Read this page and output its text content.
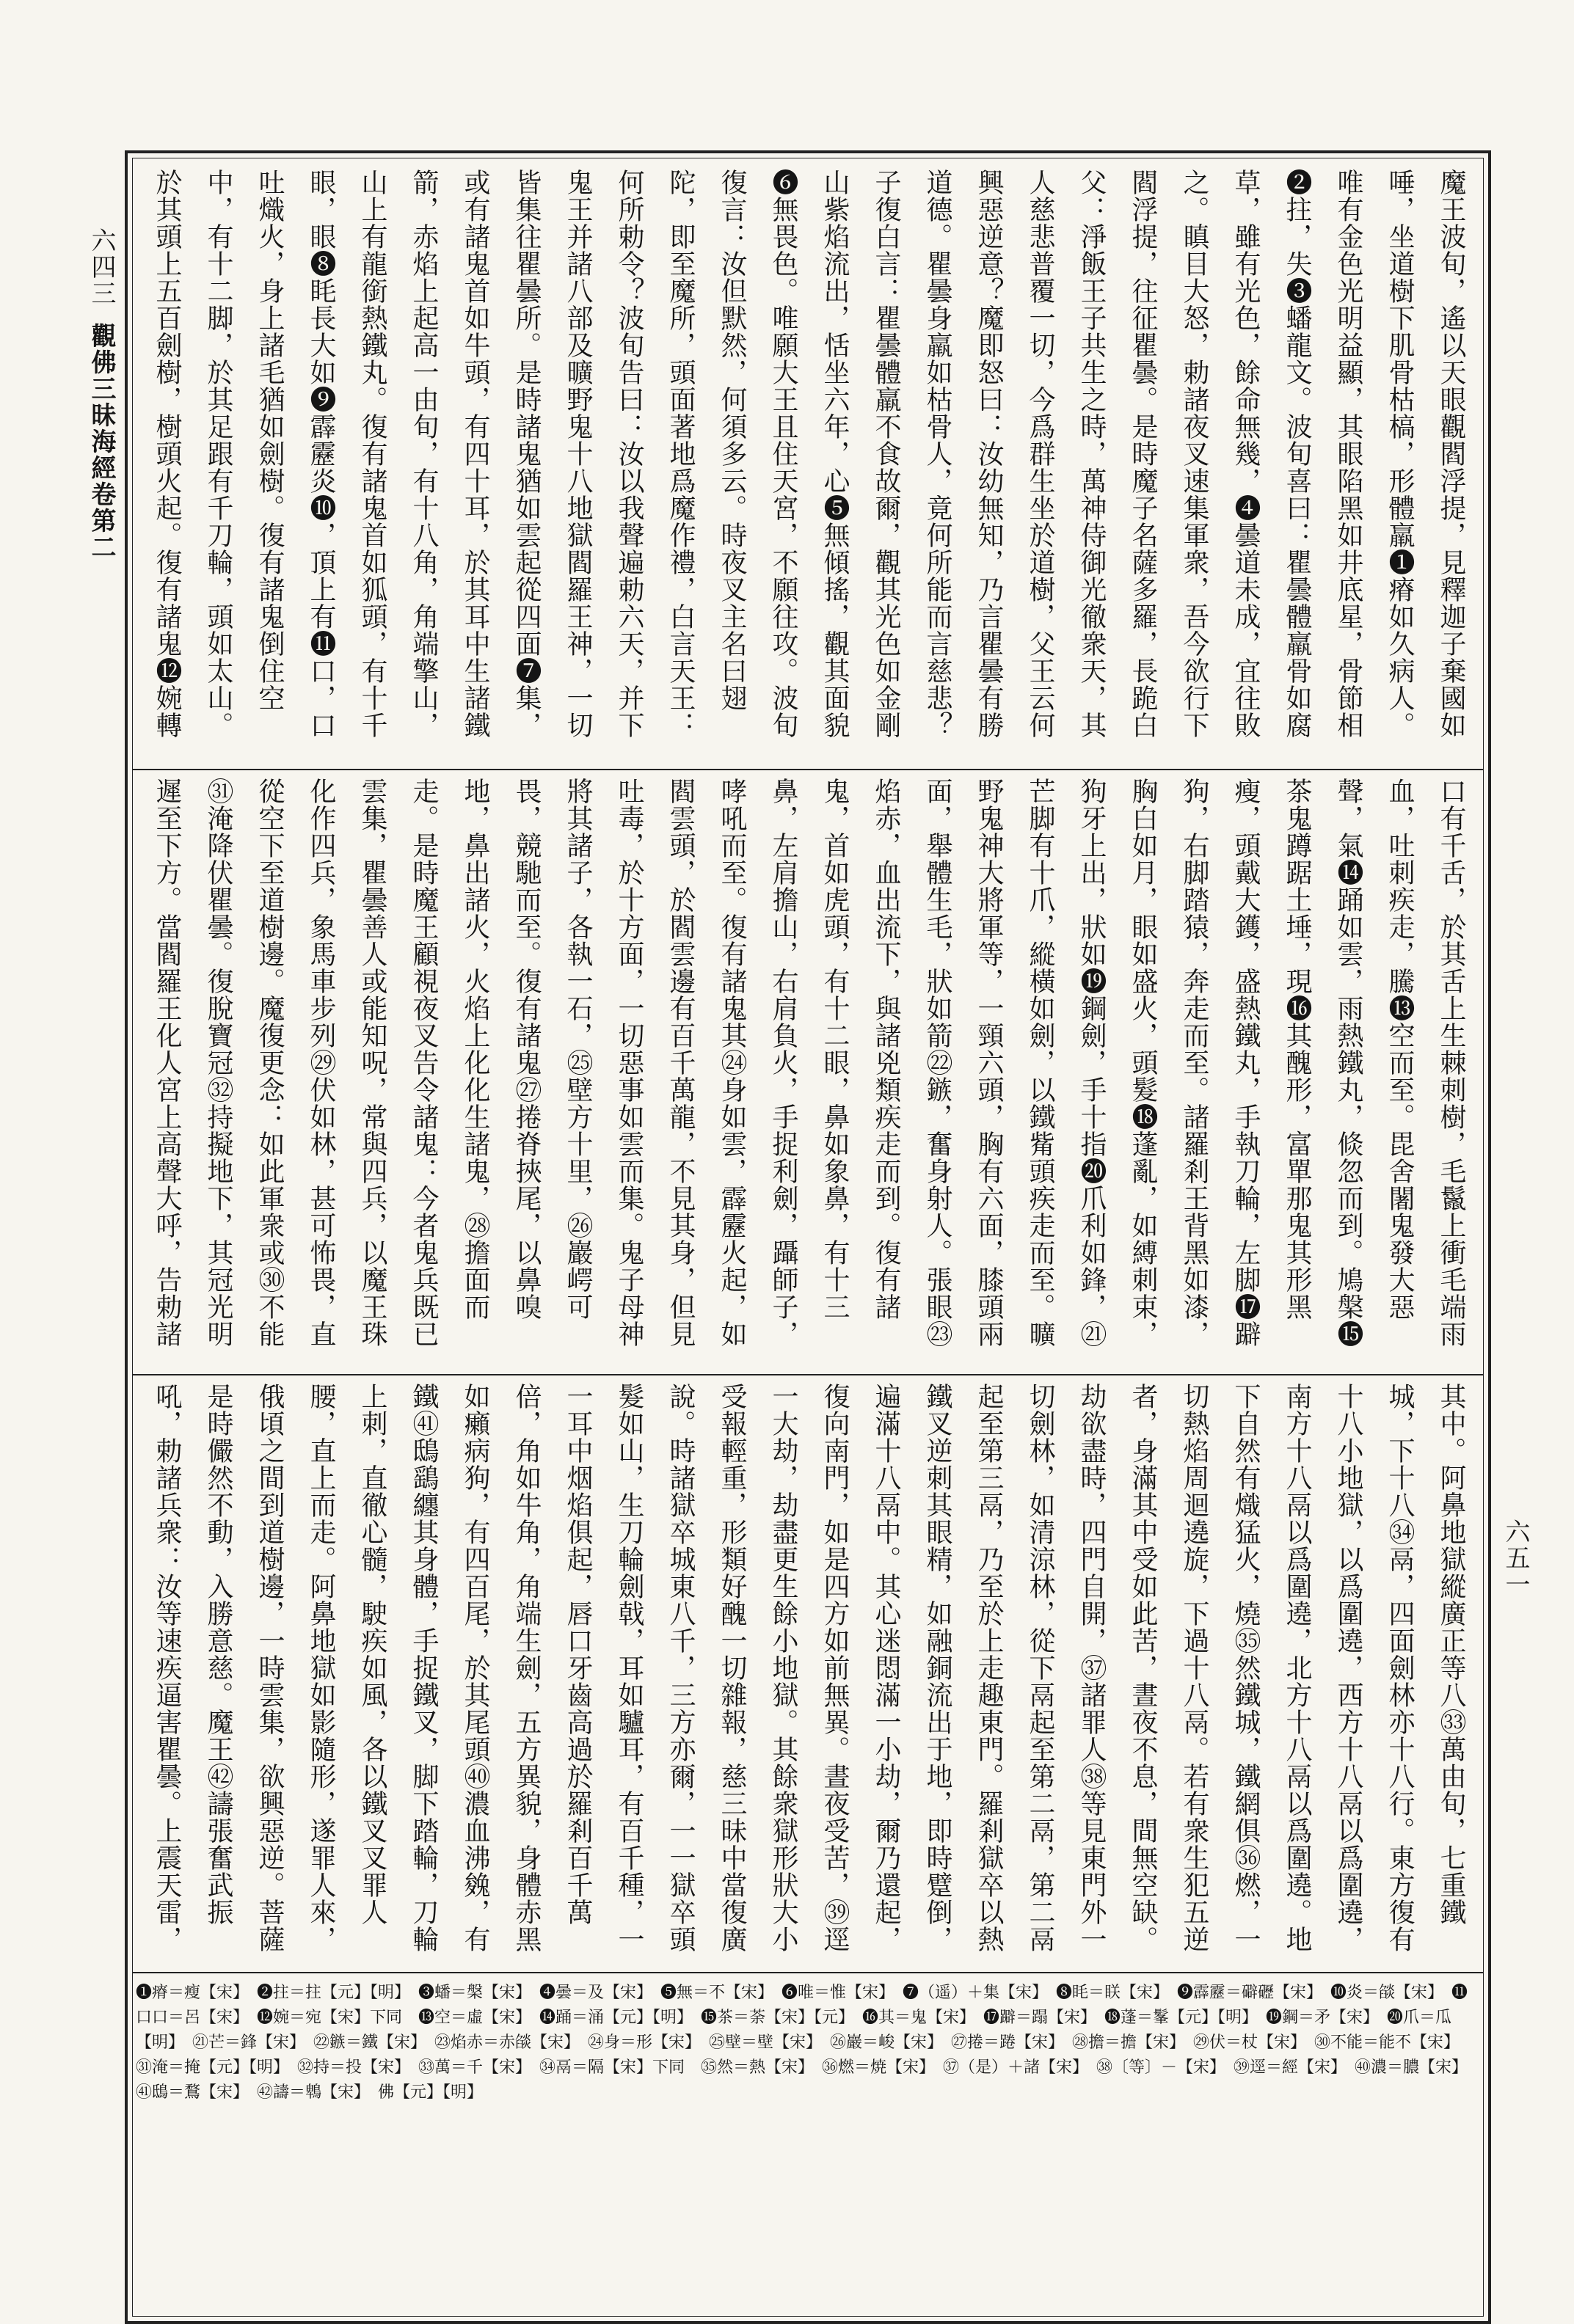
六四三
觀佛三昧海經卷第二
魔王波旬，遙以天眼觀閻浮提，見釋迦子棄國如唾，坐道樹下肌骨枯槁，形體羸❶瘠如久病人。唯有金色光明益顯，其眼陷黑如井底星，骨節相❷拄，失❸蟠龍文。波旬喜曰：瞿曇體羸骨如腐草，雖有光色，餘命無幾，❹曇道未成，宜往敗之。瞋目大怒，勅諸夜叉速集軍衆，吾今欲行下閻浮提，往征瞿曇。是時魔子名薩多羅，長跪白父：淨飯王子共生之時，萬神侍御光徹衆天，其人慈悲普覆一切，今爲群生坐於道樹，父王云何興惡逆意？魔即怒曰：汝幼無知，乃言瞿曇有勝道德。瞿曇身羸如枯骨人，竟何所能而言慈悲？子復白言：瞿曇體羸不食故爾，觀其光色如金剛山紫焰流出，恬坐六年，心❺無傾搖，觀其面貌❻無畏色。唯願大王且住天宮，不願往攻。波旬復言：汝但默然，何須多云。時夜叉主名曰翅陀，即至魔所，頭面著地爲魔作禮，白言天王：何所勅令？波旬告曰：汝以我聲遍勅六天，并下鬼王并諸八部及曠野鬼十八地獄閻羅王神，一切皆集往瞿曇所。是時諸鬼猶如雲起從四面❼集，或有諸鬼首如牛頭，有四十耳，於其耳中生諸鐵箭，赤焰上起高一由旬，有十八角，角端擎山，山上有龍銜熱鐵丸。復有諸鬼首如狐頭，有十千眼，眼❽眊長大如❾霹靂炎❿，頂上有⓫口，口吐熾火，身上諸毛猶如劍樹。復有諸鬼倒住空中，有十二脚，於其足跟有千刀輪，頭如太山。於其頭上五百劍樹，樹頭火起。復有諸鬼⓬婉轉
口有千舌，於其舌上生棘刺樹，毛鬣上衝毛端雨血，吐刺疾走，騰⓭空而至。毘舍闍鬼發大惡聲，氣⓮踊如雲，雨熱鐵丸，倐忽而到。鳩槃⓯茶鬼蹲踞土埵，現⓰其醜形，富單那鬼其形黑瘦，頭戴大鑊，盛熱鐵丸，手執刀輪，左脚⓱躃狗，右脚踏猿，奔走而至。諸羅剎王背黑如漆，胸白如月，眼如盛火，頭髮⓲蓬亂，如縛刺束，狗牙上出，狀如⓳鋼劍，手十指⓴爪利如鋒，㉑芒脚有十爪，縱橫如劍，以鐵觜頭疾走而至。曠野鬼神大將軍等，一頸六頭，胸有六面，膝頭兩面，舉體生毛，狀如箭㉒鏃，奮身射人。張眼㉓焰赤，血出流下，與諸兇類疾走而到。復有諸鬼，首如虎頭，有十二眼，鼻如象鼻，有十三鼻，左肩擔山，右肩負火，手捉利劍，躡師子，哮吼而至。復有諸鬼其㉔身如雲，霹靂火起，如閻雲頭，於閻雲邊有百千萬龍，不見其身，但見吐毒，於十方面，一切惡事如雲而集。鬼子母神將其諸子，各執一石，㉕壁方十里，㉖巖崿可畏，競馳而至。復有諸鬼㉗捲脊挾尾，以鼻嗅地，鼻出諸火，火焰上化化生諸鬼，㉘擔面而走。是時魔王顧視夜叉告令諸鬼：今者鬼兵既已雲集，瞿曇善人或能知呪，常與四兵，以魔王珠化作四兵，象馬車步列㉙伏如林，甚可怖畏，直從空下至道樹邊。魔復更念：如此軍衆或㉚不能㉛淹降伏瞿曇。復脫寶冠㉜持擬地下，其冠光明遲至下方。當閻羅王化人宮上高聲大呼，告勅諸
其中。阿鼻地獄縱廣正等八㉝萬由旬，七重鐵城，下十八㉞鬲，四面劍林亦十八行。東方復有十八小地獄，以爲圍遶，西方十八鬲以爲圍遶，南方十八鬲以爲圍遶，北方十八鬲以爲圍遶。地下自然有熾猛火，燒㉟然鐵城，鐵網俱㊱燃，一切熱焰周迴遶旋，下過十八鬲。若有衆生犯五逆者，身滿其中受如此苦，晝夜不息，間無空缺。劫欲盡時，四門自開，㊲諸罪人㊳等見東門外一切劍林，如清涼林，從下鬲起至第二鬲，第二鬲起至第三鬲，乃至於上走趣東門。羅剎獄卒以熱鐵叉逆刺其眼精，如融銅流出于地，即時躄倒，遍滿十八鬲中。其心迷悶滿一小劫，爾乃還起，復向南門，如是四方如前無異。晝夜受苦，㊴逕一大劫，劫盡更生餘小地獄。其餘衆獄形狀大小受報輕重，形類好醜一切雜報，慈三昧中當復廣說。時諸獄卒城東八千，三方亦爾，一一獄卒頭髮如山，生刀輪劍戟，耳如驢耳，有百千種，一一耳中烟焰俱起，唇口牙齒高過於羅剎百千萬倍，角如牛角，角端生劍，五方異貌，身體赤黑如癩病狗，有四百尾，於其尾頭㊵濃血沸㕙，有鐵㊶鴟鷂纏其身體，手捉鐵叉，脚下踏輪，刀輪上刺，直徹心髓，駛疾如風，各以鐵叉叉罪人腰，直上而走。阿鼻地獄如影隨形，遂罪人來，俄頃之間到道樹邊，一時雲集，欲興惡逆。菩薩是時儼然不動，入勝意慈。魔王㊷譸張奮武振吼，勅諸兵衆：汝等速疾逼害瞿曇。上震天雷，
❶瘠＝瘦【宋】　❷拄＝拄【元】【明】　❸蟠＝槃【宋】　❹曇＝及【宋】　❺無＝不【宋】　❻唯＝惟【宋】　❼（遥）＋集【宋】　❽眊＝眹【宋】　❾霹靂＝礔礰【宋】　❿炎＝燄【宋】　⓫口口＝呂【宋】　⓬婉＝宛【宋】下同　⓭空＝虛【宋】　⓮踊＝涌【元】【明】　⓯茶＝荼【宋】【元】　⓰其＝鬼【宋】　⓱躃＝蹋【宋】　⓲蓬＝髼【元】【明】　⓳鋼＝矛【宋】　⓴爪＝瓜【明】　㉑芒＝鋒【宋】　㉒鏃＝鐵【宋】　㉓焰赤＝赤燄【宋】　㉔身＝形【宋】　㉕壁＝壁【宋】　㉖巖＝峻【宋】　㉗捲＝踡【宋】　㉘擔＝擔【宋】　㉙伏＝杖【宋】　㉚不能＝能不【宋】　㉛淹＝掩【元】【明】　㉜持＝投【宋】　㉝萬＝千【宋】　㉞鬲＝隔【宋】下同　㉟然＝熱【宋】　㊱燃＝焼【宋】　㊲（是）＋諸【宋】　㊳〔等〕－【宋】　㊴逕＝經【宋】　㊵濃＝膿【宋】　㊶鴟＝鶩【宋】　㊷譸＝鵯【宋】　佛【元】【明】
六五一
